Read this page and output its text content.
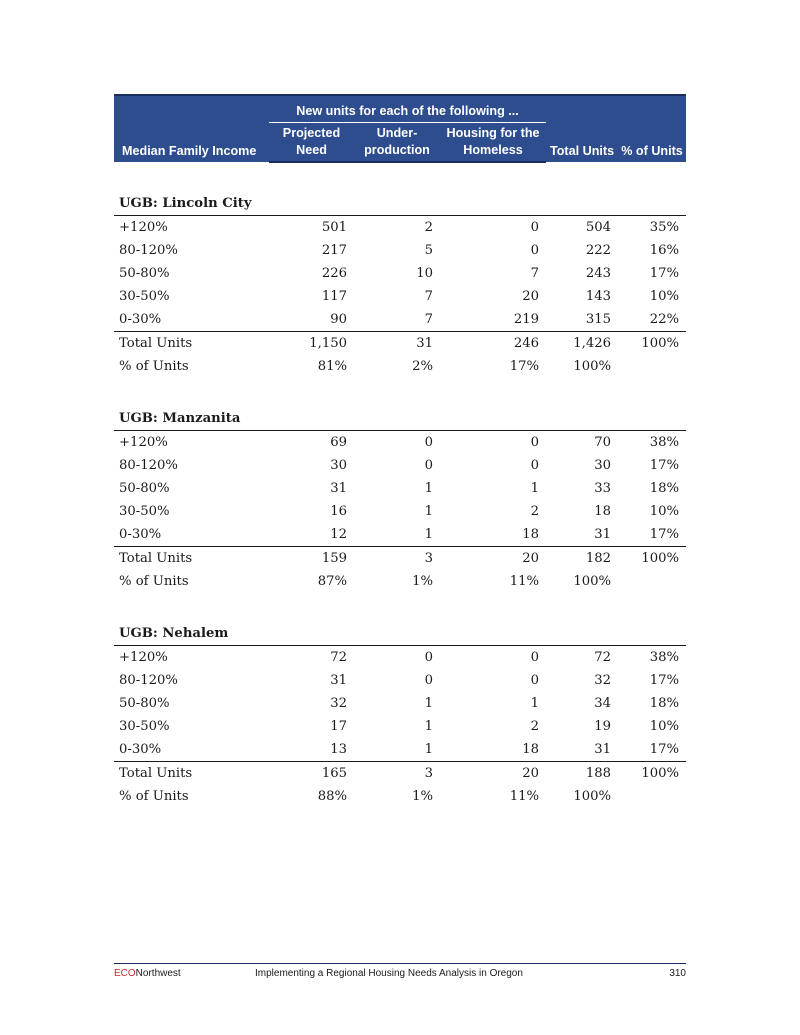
Median Family Income	New units for each of the following ...			Total Units	% of Units
	Projected Need	Under-production	Housing for the Homeless		

UGB: Lincoln City					
+120%	501	2	0	504	35%
80-120%	217	5	0	222	16%
50-80%	226	10	7	243	17%
30-50%	117	7	20	143	10%
0-30%	90	7	219	315	22%
Total Units	1,150	31	246	1,426	100%
% of Units	81%	2%	17%	100%	

UGB: Manzanita					
+120%	69	0	0	70	38%
80-120%	30	0	0	30	17%
50-80%	31	1	1	33	18%
30-50%	16	1	2	18	10%
0-30%	12	1	18	31	17%
Total Units	159	3	20	182	100%
% of Units	87%	1%	11%	100%	

UGB: Nehalem					
+120%	72	0	0	72	38%
80-120%	31	0	0	32	17%
50-80%	32	1	1	34	18%
30-50%	17	1	2	19	10%
0-30%	13	1	18	31	17%
Total Units	165	3	20	188	100%
% of Units	88%	1%	11%	100%	
ECONorthwest	Implementing a Regional Housing Needs Analysis in Oregon	310
